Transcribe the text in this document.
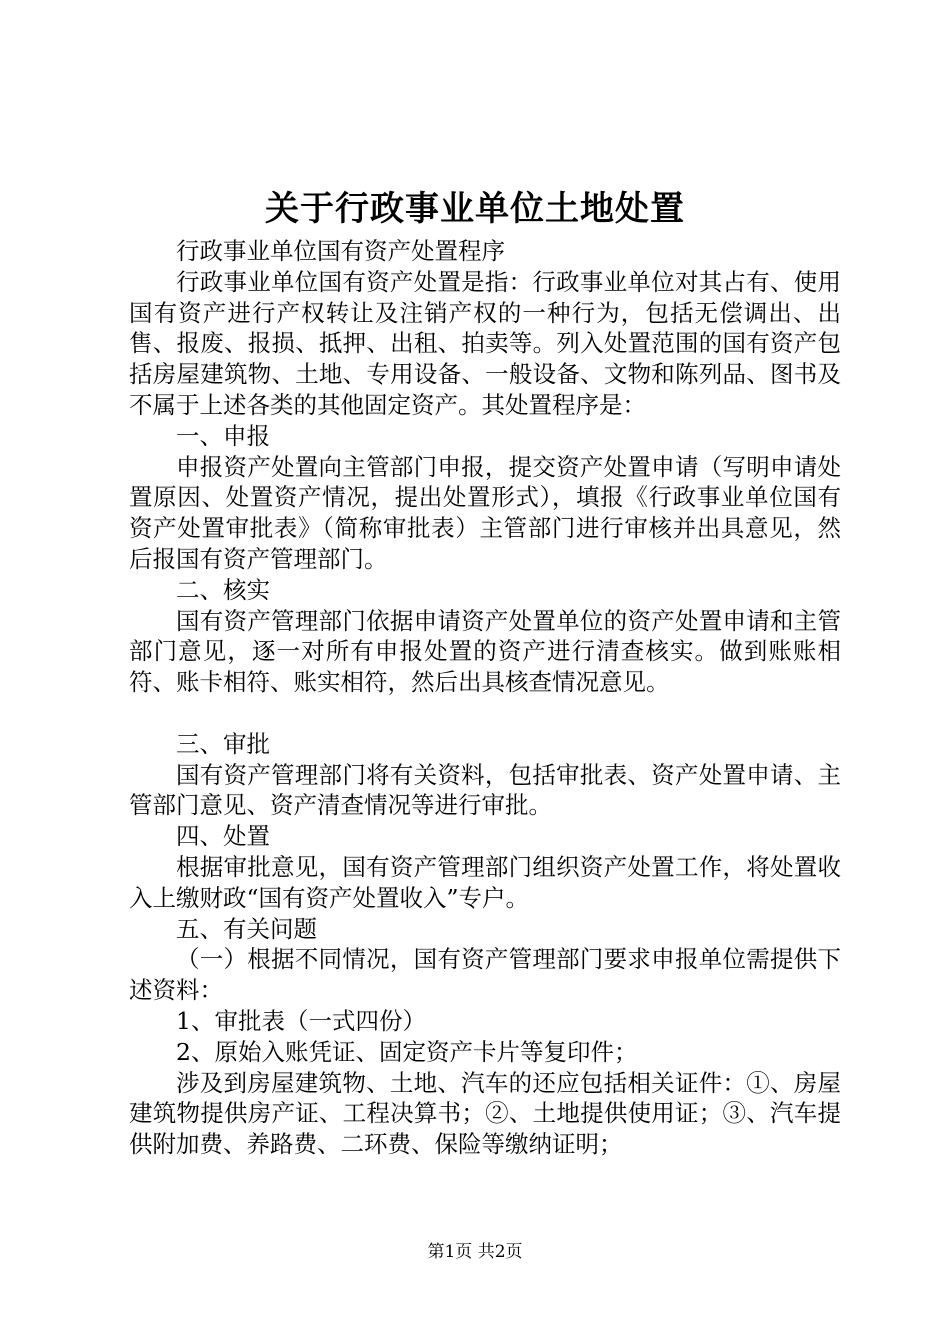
关于行政事业单位土地处置

行政事业单位国有资产处置程序

行政事业单位国有资产处置是指：行政事业单位对其占有、使用国有资产进行产权转让及注销产权的一种行为，包括无偿调出、出售、报废、报损、抵押、出租、拍卖等。列入处置范围的国有资产包括房屋建筑物、土地、专用设备、一般设备、文物和陈列品、图书及不属于上述各类的其他固定资产。其处置程序是：

一、申报

申报资产处置向主管部门申报，提交资产处置申请（写明申请处置原因、处置资产情况，提出处置形式），填报《行政事业单位国有资产处置审批表》（简称审批表）主管部门进行审核并出具意见，然后报国有资产管理部门。

二、核实

国有资产管理部门依据申请资产处置单位的资产处置申请和主管部门意见，逐一对所有申报处置的资产进行清查核实。做到账账相符、账卡相符、账实相符，然后出具核查情况意见。

三、审批

国有资产管理部门将有关资料，包括审批表、资产处置申请、主管部门意见、资产清查情况等进行审批。

四、处置

根据审批意见，国有资产管理部门组织资产处置工作，将处置收入上缴财政“国有资产处置收入”专户。

五、有关问题

（一）根据不同情况，国有资产管理部门要求申报单位需提供下述资料：

1、审批表（一式四份）

2、原始入账凭证、固定资产卡片等复印件；

涉及到房屋建筑物、土地、汽车的还应包括相关证件：①、房屋建筑物提供房产证、工程决算书；②、土地提供使用证；③、汽车提供附加费、养路费、二环费、保险等缴纳证明；

第1页 共2页
